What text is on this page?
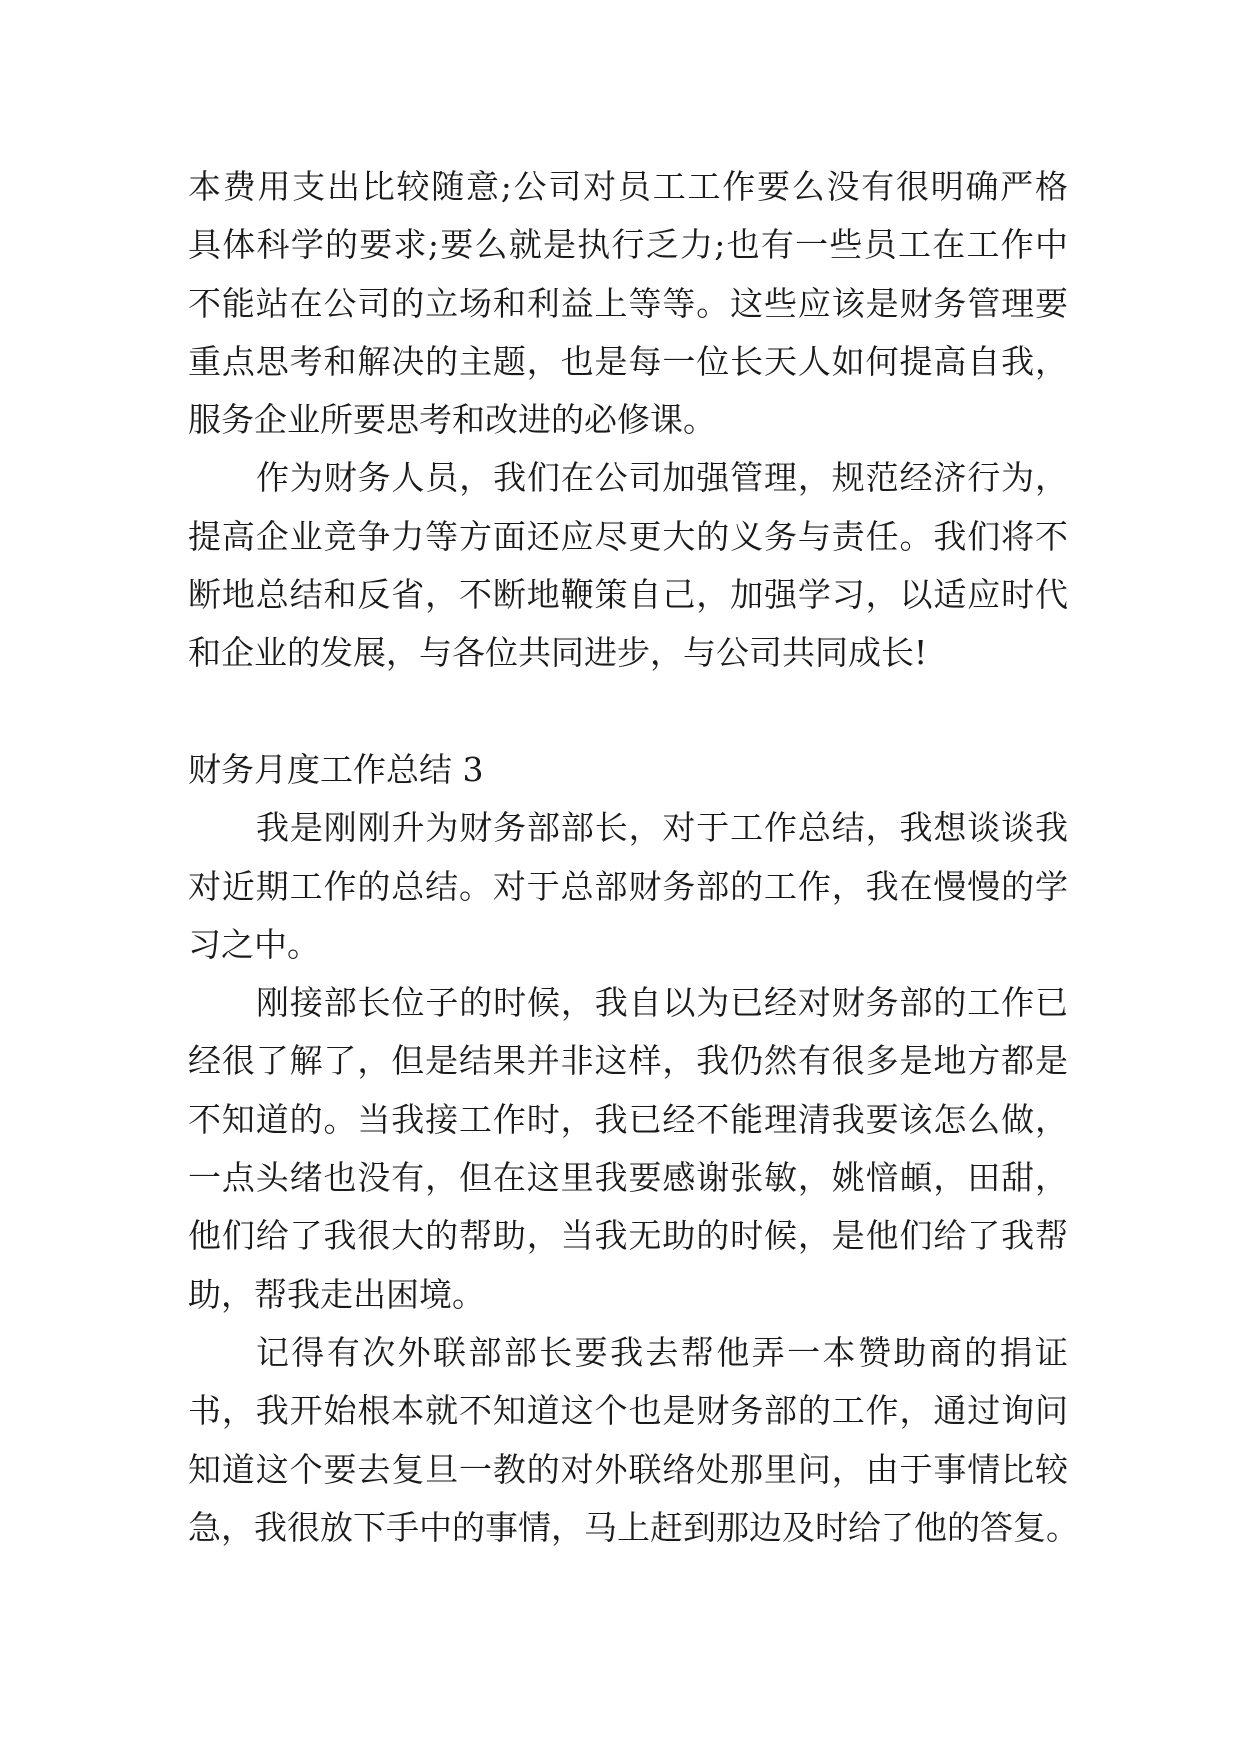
本费用支出比较随意;公司对员工工作要么没有很明确严格
具体科学的要求;要么就是执行乏力;也有一些员工在工作中
不能站在公司的立场和利益上等等。这些应该是财务管理要
重点思考和解决的主题，也是每一位长天人如何提高自我，
服务企业所要思考和改进的必修课。
作为财务人员，我们在公司加强管理，规范经济行为，
提高企业竞争力等方面还应尽更大的义务与责任。我们将不
断地总结和反省，不断地鞭策自己，加强学习，以适应时代
和企业的发展，与各位共同进步，与公司共同成长!
财务月度工作总结 3
我是刚刚升为财务部部长，对于工作总结，我想谈谈我
对近期工作的总结。对于总部财务部的工作，我在慢慢的学
习之中。
刚接部长位子的时候，我自以为已经对财务部的工作已
经很了解了，但是结果并非这样，我仍然有很多是地方都是
不知道的。当我接工作时，我已经不能理清我要该怎么做，
一点头绪也没有，但在这里我要感谢张敏，姚愔頔，田甜，
他们给了我很大的帮助，当我无助的时候，是他们给了我帮
助，帮我走出困境。
记得有次外联部部长要我去帮他弄一本赞助商的捐证
书，我开始根本就不知道这个也是财务部的工作，通过询问
知道这个要去复旦一教的对外联络处那里问，由于事情比较
急，我很放下手中的事情，马上赶到那边及时给了他的答复。
